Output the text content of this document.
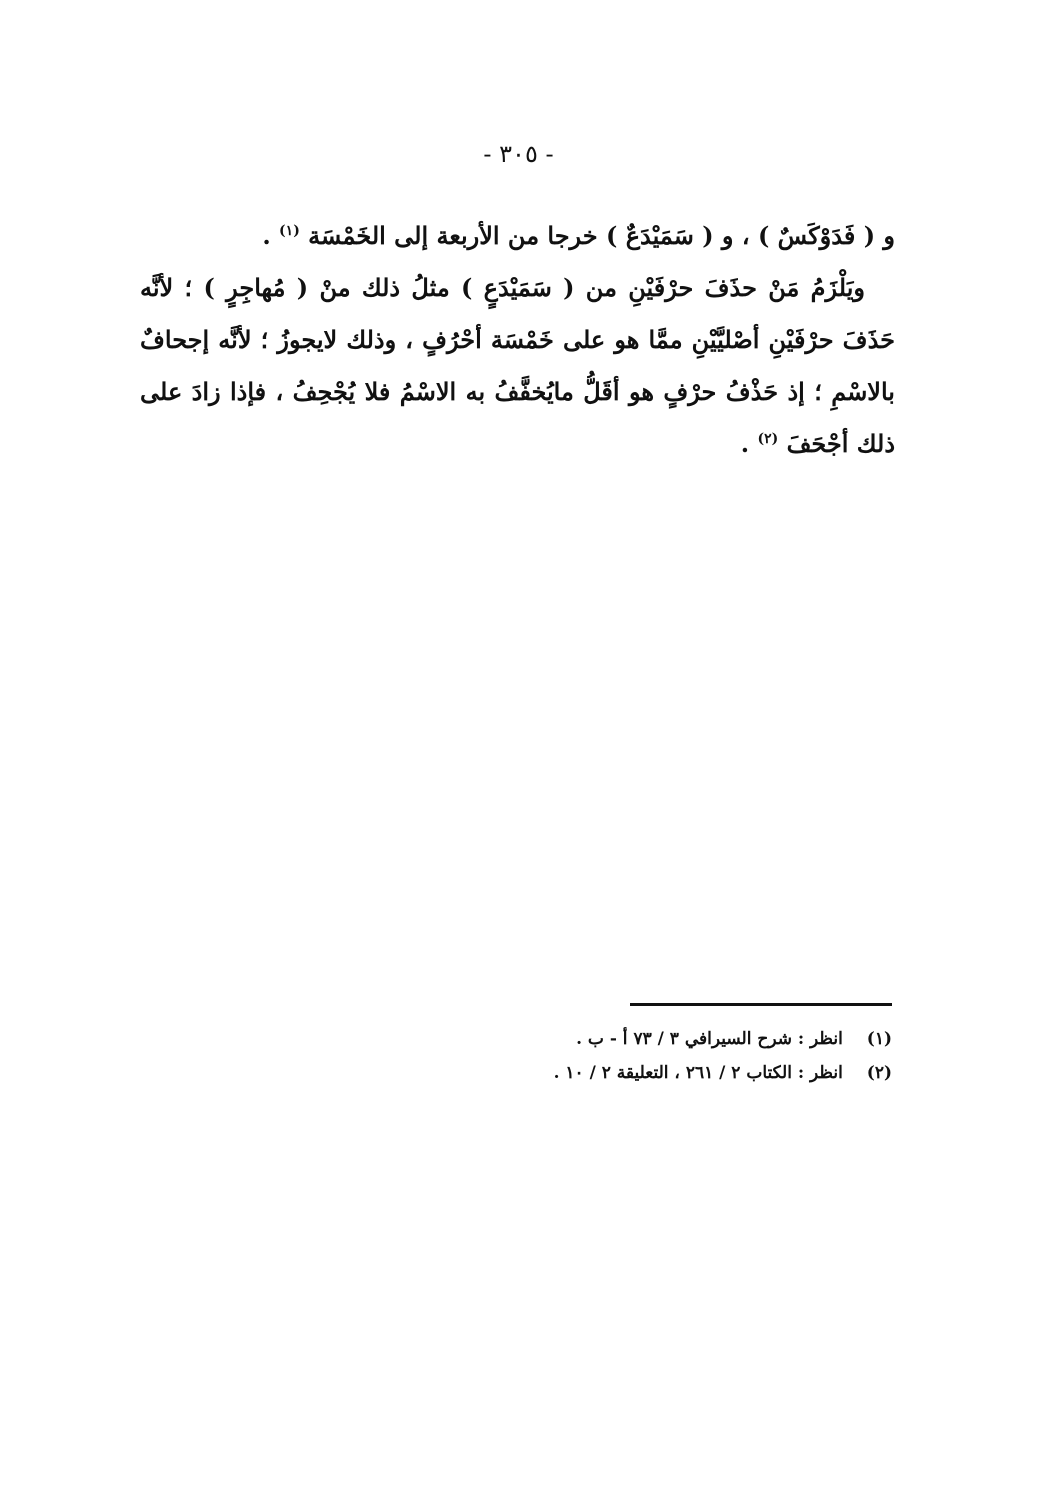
- ٣٠٥ -

و ( فَدَوْكَسٌ ) ، و ( سَمَيْدَعٌ ) خرجا من الأربعة إلى الخَمْسَة $^{(١)}$ .

ويَلْزَمُ مَنْ حذَفَ حرْفَيْنِ من ( سَمَيْدَعٍ ) مثلُ ذلك منْ ( مُهاجِرٍ ) ؛ لأنَّه حَذَفَ حرْفَيْنِ أصْليَّيْنِ ممَّا هو على خَمْسَة أحْرُفٍ ، وذلك لايجوزُ ؛ لأنَّه إجحافٌ بالاسْمِ ؛ إذ حَذْفُ حرْفٍ هو أقَلُّ مايُخفَّفُ به الاسْمُ فلا يُجْحِفُ ، فإذا زادَ على ذلك أجْحَفَ $^{(٢)}$ .

(١) انظر : شرح السيرافي ٣ / ٧٣ أ - ب .
(٢) انظر : الكتاب ٢ / ٢٦١ ، التعليقة ٢ / ١٠ .
